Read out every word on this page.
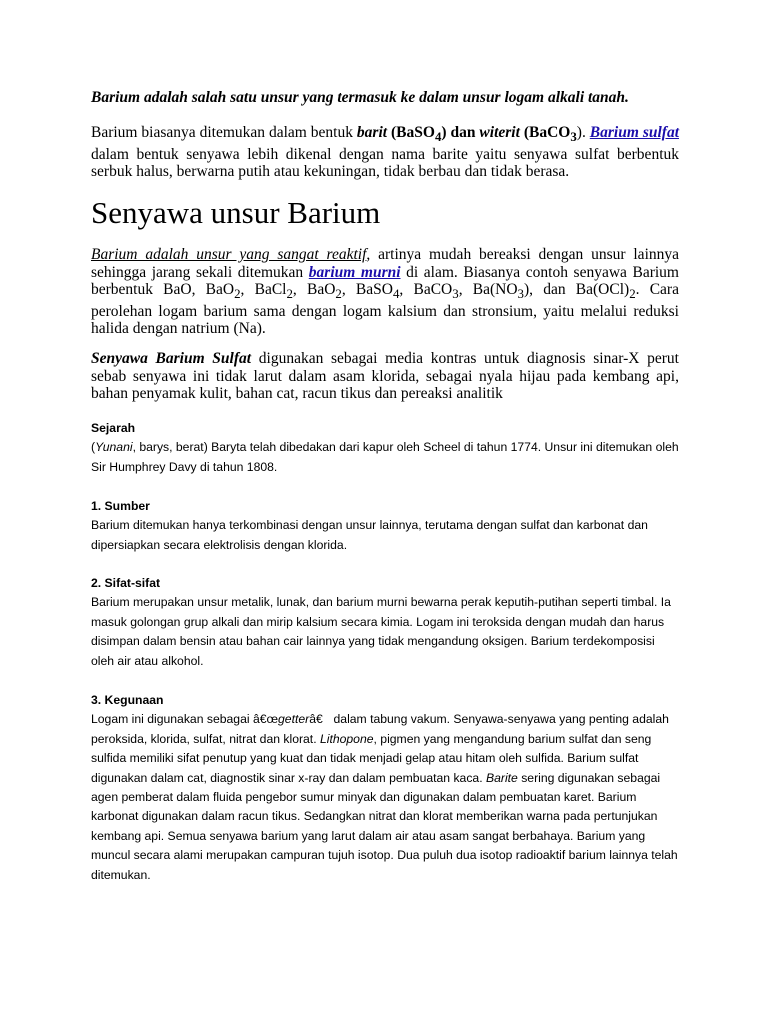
Barium adalah salah satu unsur yang termasuk ke dalam unsur logam alkali tanah.

Barium biasanya ditemukan dalam bentuk barit (BaSO$_4$) dan witerit (BaCO$_3$). Barium sulfat dalam bentuk senyawa lebih dikenal dengan nama barite yaitu senyawa sulfat berbentuk serbuk halus, berwarna putih atau kekuningan, tidak berbau dan tidak berasa.

Senyawa unsur Barium

Barium adalah unsur yang sangat reaktif, artinya mudah bereaksi dengan unsur lainnya sehingga jarang sekali ditemukan barium murni di alam. Biasanya contoh senyawa Barium berbentuk BaO, BaO$_2$, BaCl$_2$, BaO$_2$, BaSO$_4$, BaCO$_3$, $Ba(NO_3)$, dan $Ba(OCl)_2$. Cara perolehan logam barium sama dengan logam kalsium dan stronsium, yaitu melalui reduksi halida dengan natrium (Na).

Senyawa Barium Sulfat digunakan sebagai media kontras untuk diagnosis sinar-X perut sebab senyawa ini tidak larut dalam asam klorida, sebagai nyala hijau pada kembang api, bahan penyamak kulit, bahan cat, racun tikus dan pereaksi analitik

Sejarah
(Yunani, barys, berat) Baryta telah dibedakan dari kapur oleh Scheel di tahun 1774. Unsur ini ditemukan oleh Sir Humphrey Davy di tahun 1808.
1. Sumber
Barium ditemukan hanya terkombinasi dengan unsur lainnya, terutama dengan sulfat dan karbonat dan dipersiapkan secara elektrolisis dengan klorida.
2. Sifat-sifat
Barium merupakan unsur metalik, lunak, dan barium murni bewarna perak keputih-putihan seperti timbal. Ia masuk golongan grup alkali dan mirip kalsium secara kimia. Logam ini teroksida dengan mudah dan harus disimpan dalam bensin atau bahan cair lainnya yang tidak mengandung oksigen. Barium terdekomposisi oleh air atau alkohol.
3. Kegunaan
Logam ini digunakan sebagai â€œgetterâ€ dalam tabung vakum. Senyawa-senyawa yang penting adalah peroksida, klorida, sulfat, nitrat dan klorat. Lithopone, pigmen yang mengandung barium sulfat dan seng sulfida memiliki sifat penutup yang kuat dan tidak menjadi gelap atau hitam oleh sulfida. Barium sulfat digunakan dalam cat, diagnostik sinar x-ray dan dalam pembuatan kaca. Barite sering digunakan sebagai agen pemberat dalam fluida pengebor sumur minyak dan digunakan dalam pembuatan karet. Barium karbonat digunakan dalam racun tikus. Sedangkan nitrat dan klorat memberikan warna pada pertunjukan kembang api. Semua senyawa barium yang larut dalam air atau asam sangat berbahaya. Barium yang muncul secara alami merupakan campuran tujuh isotop. Dua puluh dua isotop radioaktif barium lainnya telah ditemukan.
